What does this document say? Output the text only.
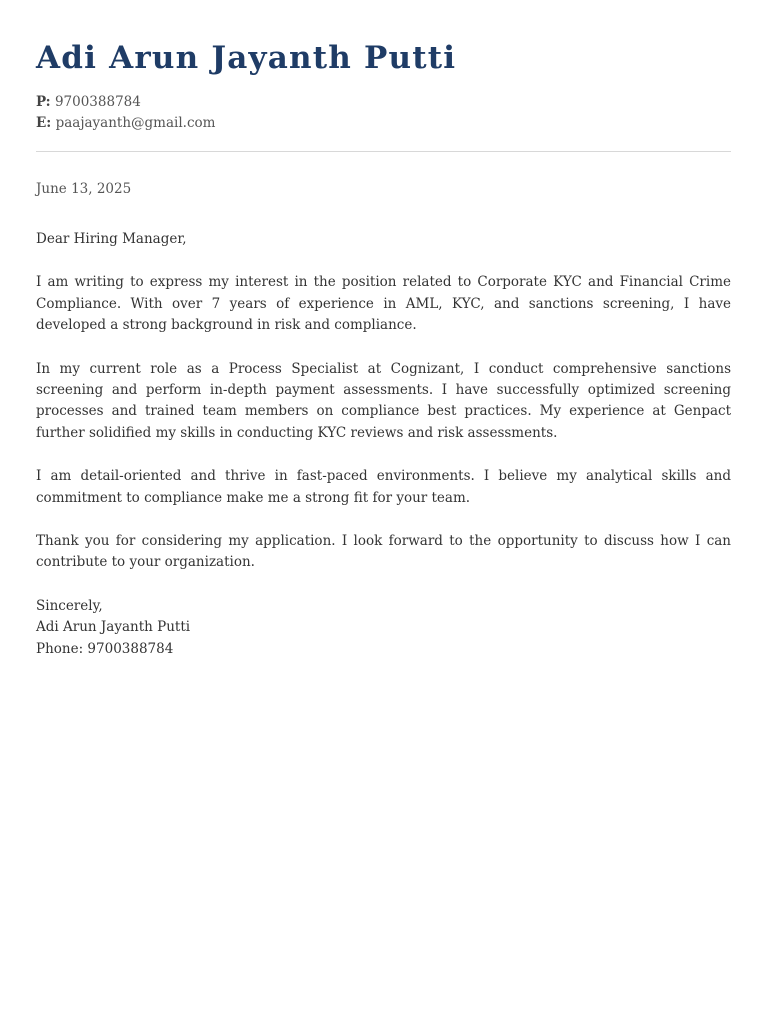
Adi Arun Jayanth Putti
P: 9700388784
E: paajayanth@gmail.com
June 13, 2025

Dear Hiring Manager,

I am writing to express my interest in the position related to Corporate KYC and Financial Crime Compliance. With over 7 years of experience in AML, KYC, and sanctions screening, I have developed a strong background in risk and compliance.

In my current role as a Process Specialist at Cognizant, I conduct comprehensive sanctions screening and perform in-depth payment assessments. I have successfully optimized screening processes and trained team members on compliance best practices. My experience at Genpact further solidified my skills in conducting KYC reviews and risk assessments.

I am detail-oriented and thrive in fast-paced environments. I believe my analytical skills and commitment to compliance make me a strong fit for your team.

Thank you for considering my application. I look forward to the opportunity to discuss how I can contribute to your organization.

Sincerely,
Adi Arun Jayanth Putti
Phone: 9700388784
